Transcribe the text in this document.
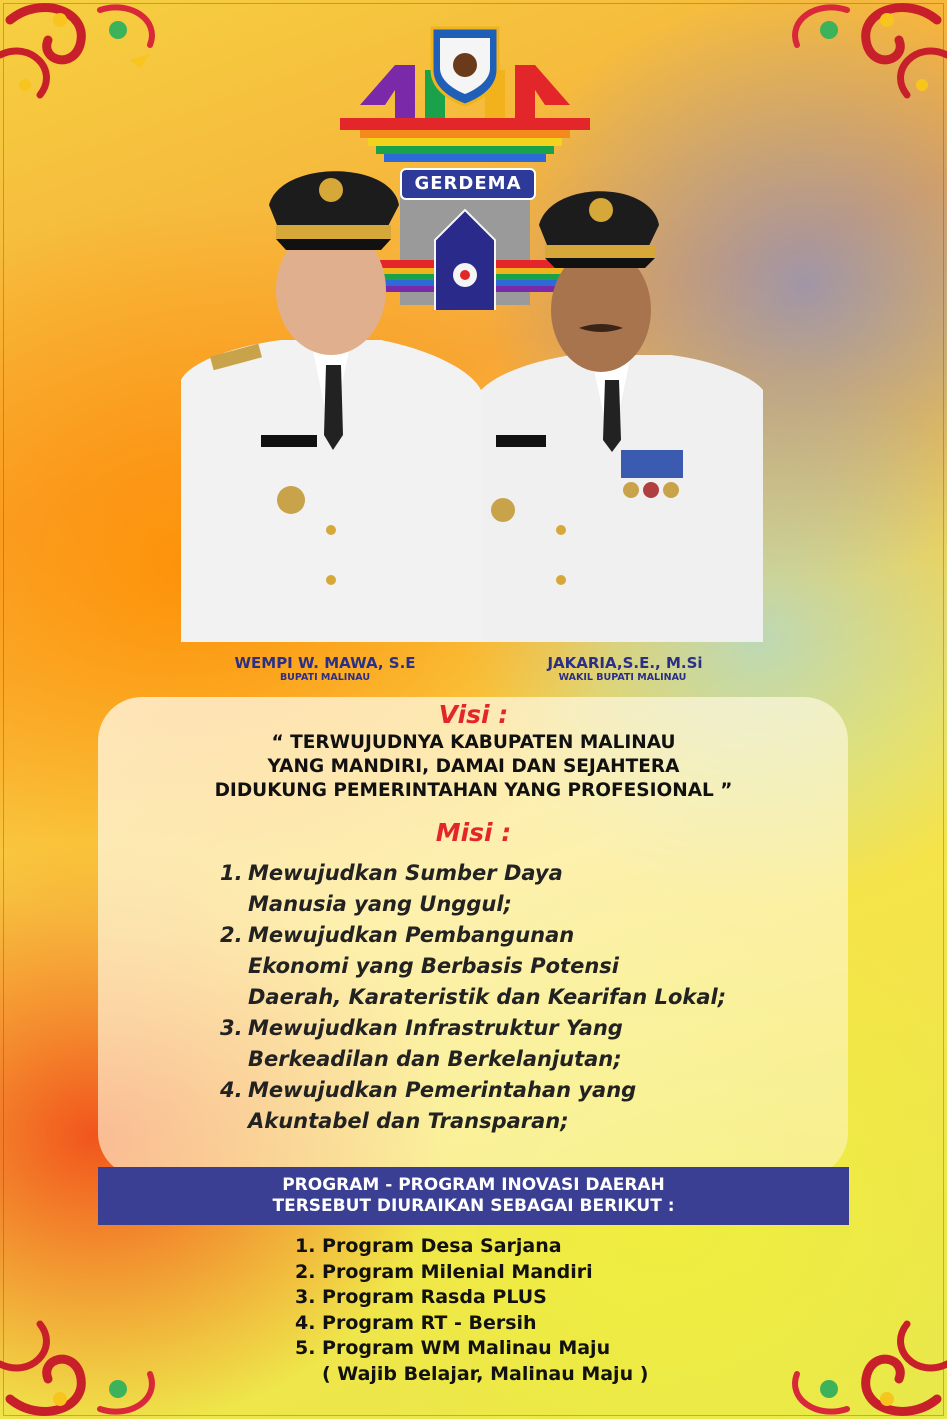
GERDEMA
WEMPI W. MAWA, S.E
BUPATI MALINAU
JAKARIA,S.E., M.Si
WAKIL BUPATI MALINAU
Visi :
“ TERWUJUDNYA KABUPATEN MALINAU
YANG MANDIRI, DAMAI DAN SEJAHTERA
DIDUKUNG PEMERINTAHAN YANG PROFESIONAL ”
Misi :
1. Mewujudkan Sumber Daya
Manusia yang Unggul;
2. Mewujudkan Pembangunan
Ekonomi yang Berbasis Potensi
Daerah, Karateristik dan Kearifan Lokal;
3. Mewujudkan Infrastruktur Yang
Berkeadilan dan Berkelanjutan;
4. Mewujudkan Pemerintahan yang
Akuntabel dan Transparan;
PROGRAM - PROGRAM INOVASI DAERAH
TERSEBUT DIURAIKAN SEBAGAI BERIKUT :
1. Program Desa Sarjana
2. Program Milenial Mandiri
3. Program Rasda PLUS
4. Program RT - Bersih
5. Program WM Malinau Maju
( Wajib Belajar, Malinau Maju )
